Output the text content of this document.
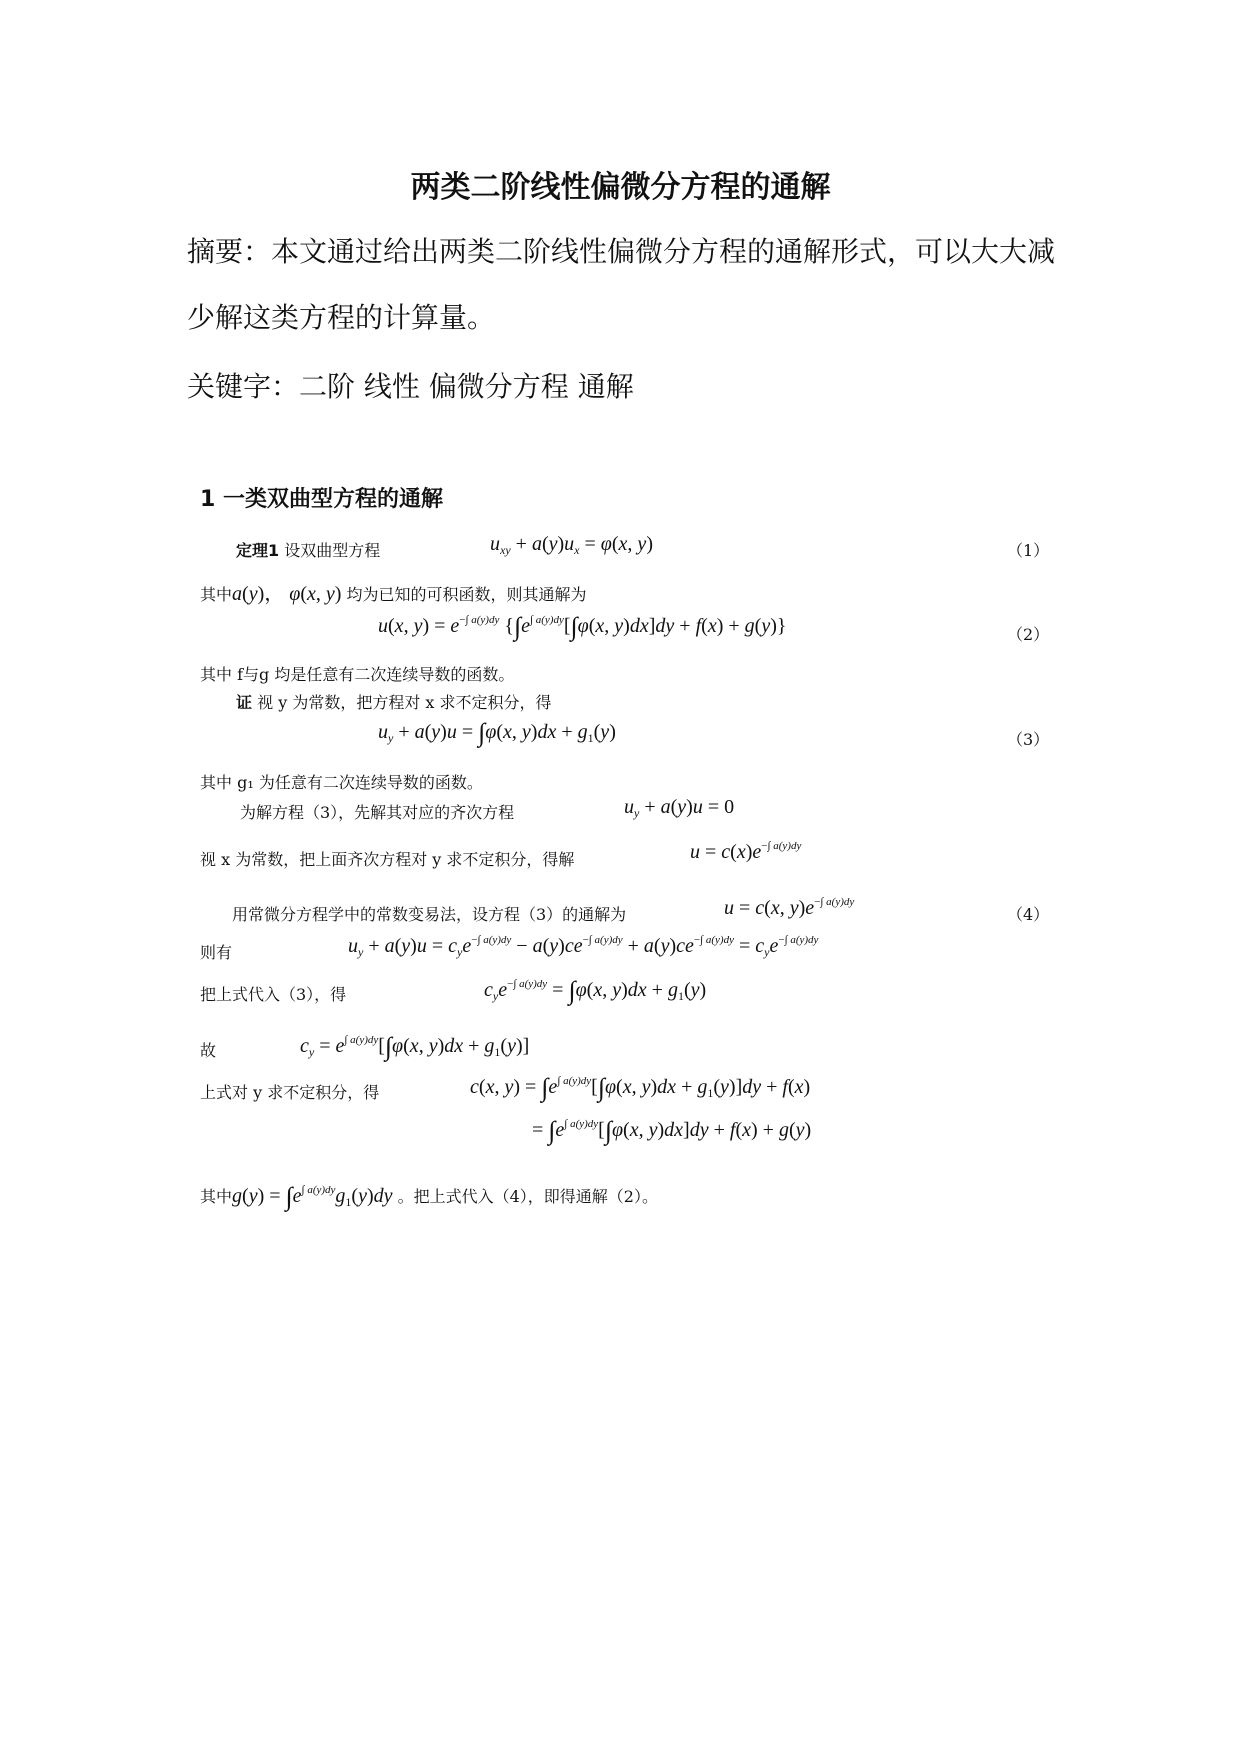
两类二阶线性偏微分方程的通解
摘要：本文通过给出两类二阶线性偏微分方程的通解形式，可以大大减少解这类方程的计算量。
关键字：二阶 线性 偏微分方程 通解
1 一类双曲型方程的通解
定理1 设双曲型方程	$u_{xy} + a(y)u_x = \varphi(x$, y)	（1）
其中a(y)， φ(x, y) 均为已知的可积函数，则其通解为
u(x, $y) = e^{-\int a(y)dy}$ {$\int e^{\int a(y)dy}[\int\varphi(x$, y)dx]dy + f(x) + g(y)}	（2）
其中 f与g 均是任意有二次连续导数的函数。
证 视 y 为常数，把方程对 x 求不定积分，得
$u_y + a(y)u = \int\varphi(x$, $y)dx + g_1(y)$	（3）
其中 g₁ 为任意有二次连续导数的函数。
为解方程（3），先解其对应的齐次方程	$u_y + a(y)u = 0$
视 x 为常数，把上面齐次方程对 y 求不定积分，得解	$u = c(x)e^{-\int a(y)dy}$
用常微分方程学中的常数变易法，设方程（3）的通解为	u = c(x, $y)e^{-\int a(y)dy}$
（4）
则有	$u_y + a(y)u = c_ye^{-\int a(y)dy} - a(y)ce^{-\int a(y)dy} + a(y)ce^{-\int a(y)dy} = c_ye^{-\int a(y)dy}$
把上式代入（3），得	$c_ye^{-\int a(y)dy} = \int\varphi(x$, $y)dx + g_1(y)$
故	$c_y = e^{\int a(y)dy}[\int\varphi(x$, $y)dx + g_1(y)$]
上式对 y 求不定积分，得	c(x, $y) = \int e^{\int a(y)dy}[\int\varphi(x$, $y)dx + g_1(y)]dy + f(x)$
= $\int e^{\int a(y)dy}[\int\varphi(x$, y)dx]dy + f(x) + g(y)
其中$g(y) = \int e^{\int a(y)dy}g_1(y)dy$ 。把上式代入（4），即得通解（2）。
